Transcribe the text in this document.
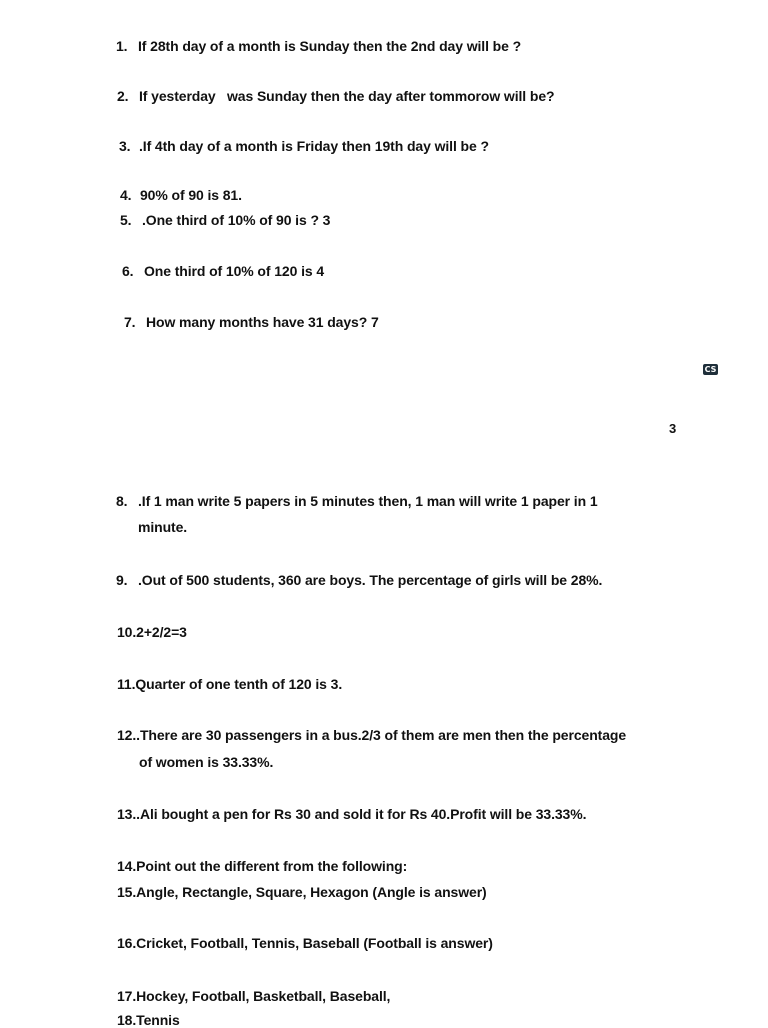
1. If 28th day of a month is Sunday then the 2nd day will be ?
2. If yesterday   was Sunday then the day after tommorow will be?
3. .If 4th day of a month is Friday then 19th day will be ?
4. 90% of 90 is 81.
5. .One third of 10% of 90 is ? 3
6. One third of 10% of 120 is 4
7. How many months have 31 days? 7
CS
3
8. .If 1 man write 5 papers in 5 minutes then, 1 man will write 1 paper in 1
minute.
9. .Out of 500 students, 360 are boys. The percentage of girls will be 28%.
10.2+2/2=3
11.Quarter of one tenth of 120 is 3.
12..There are 30 passengers in a bus.2/3 of them are men then the percentage
of women is 33.33%.
13..Ali bought a pen for Rs 30 and sold it for Rs 40.Profit will be 33.33%.
14.Point out the different from the following:
15.Angle, Rectangle, Square, Hexagon (Angle is answer)
16.Cricket, Football, Tennis, Baseball (Football is answer)
17.Hockey, Football, Basketball, Baseball,
18.Tennis
